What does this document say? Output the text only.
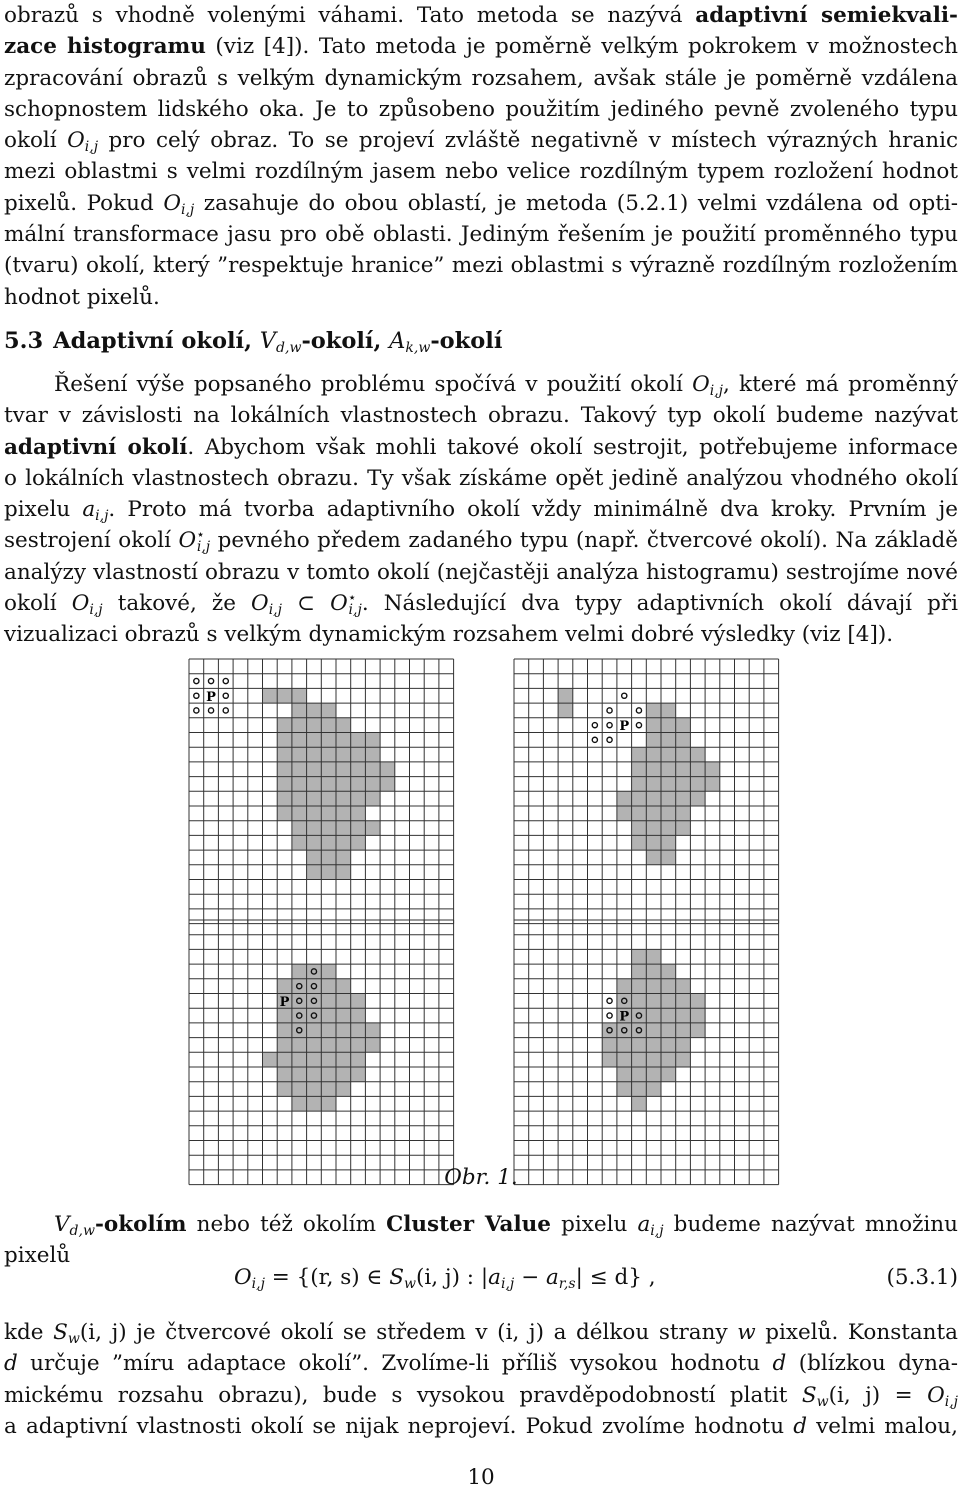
obrazů s vhodně volenými váhami. Tato metoda se nazývá adaptivní semiekvali-
zace histogramu (viz [4]). Tato metoda je poměrně velkým pokrokem v možnostech
zpracování obrazů s velkým dynamickým rozsahem, avšak stále je poměrně vzdálena
schopnostem lidského oka. Je to způsobeno použitím jediného pevně zvoleného typu
okolí $O_{i,j}$ pro celý obraz. To se projeví zvláště negativně v místech výrazných hranic
mezi oblastmi s velmi rozdílným jasem nebo velice rozdílným typem rozložení hodnot
pixelů. Pokud $O_{i,j}$ zasahuje do obou oblastí, je metoda (5.2.1) velmi vzdálena od opti-
mální transformace jasu pro obě oblasti. Jediným řešením je použití proměnného typu
(tvaru) okolí, který ”respektuje hranice” mezi oblastmi s výrazně rozdílným rozložením
hodnot pixelů.

5.3 Adaptivní okolí, $V_{d,w}$-okolí, $A_{k,w}$-okolí

Řešení výše popsaného problému spočívá v použití okolí $O_{i,j}$, které má proměnný
tvar v závislosti na lokálních vlastnostech obrazu. Takový typ okolí budeme nazývat
adaptivní okolí. Abychom však mohli takové okolí sestrojit, potřebujeme informace
o lokálních vlastnostech obrazu. Ty však získáme opět jedině analýzou vhodného okolí
pixelu $a_{i,j}$. Proto má tvorba adaptivního okolí vždy minimálně dva kroky. Prvním je
sestrojení okolí $O^⋆_{i,j}$ pevného předem zadaného typu (např. čtvercové okolí). Na základě
analýzy vlastností obrazu v tomto okolí (nejčastěji analýza histogramu) sestrojíme nové
okolí $O_{i,j}$ takové, že $O_{i,j}$ ⊂ $O^⋆_{i,j}$. Následující dva typy adaptivních okolí dávají při
vizualizaci obrazů s velkým dynamickým rozsahem velmi dobré výsledky (viz [4]).

P
P
P
P
Obr. 1.

$V_{d,w}$-okolím nebo též okolím Cluster Value pixelu $a_{i,j}$ budeme nazývat množinu
pixelů

$O_{i,j} = \{(r$, s) ∈ $S_w(i$, j) : $|a_{i,j} - a_{r,s}| \le d$} ,	(5.3.1)

kde $S_w(i$, j) je čtvercové okolí se středem v (i, j) a délkou strany w pixelů. Konstanta
d určuje ”míru adaptace okolí”. Zvolíme-li příliš vysokou hodnotu d (blízkou dyna-
mickému rozsahu obrazu), bude s vysokou pravděpodobností platit $S_w(i$, $j) = O_{i,j}$
a adaptivní vlastnosti okolí se nijak neprojeví. Pokud zvolíme hodnotu d velmi malou,

10
